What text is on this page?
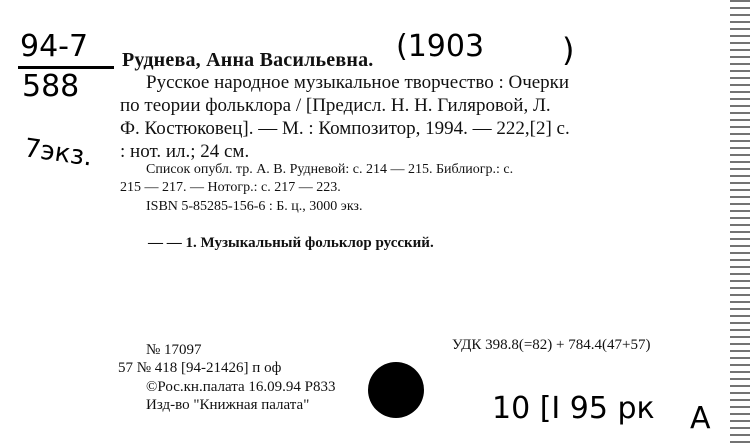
94-7
588
7экз.
Руднева, Анна Васильевна. (1903 )
Русское народное музыкальное творчество : Очерки
по теории фольклора / [Предисл. Н. Н. Гиляровой, Л.
Ф. Костюковец]. — М. : Композитор, 1994. — 222,[2] с.
: нот. ил.; 24 см.
Список опубл. тр. А. В. Рудневой: с. 214 — 215. Библиогр.: с.
215 — 217. — Нотогр.: с. 217 — 223.
ISBN 5-85285-156-6 : Б. ц., 3000 экз.
— — 1. Музыкальный фольклор русский.
№ 17097	УДК 398.8(=82) + 784.4(47+57)
57 № 418 [94-21426] п оф
©Рос.кн.палата 16.09.94 Р833
Изд-во "Книжная палата"	10 [I 95 рк А
